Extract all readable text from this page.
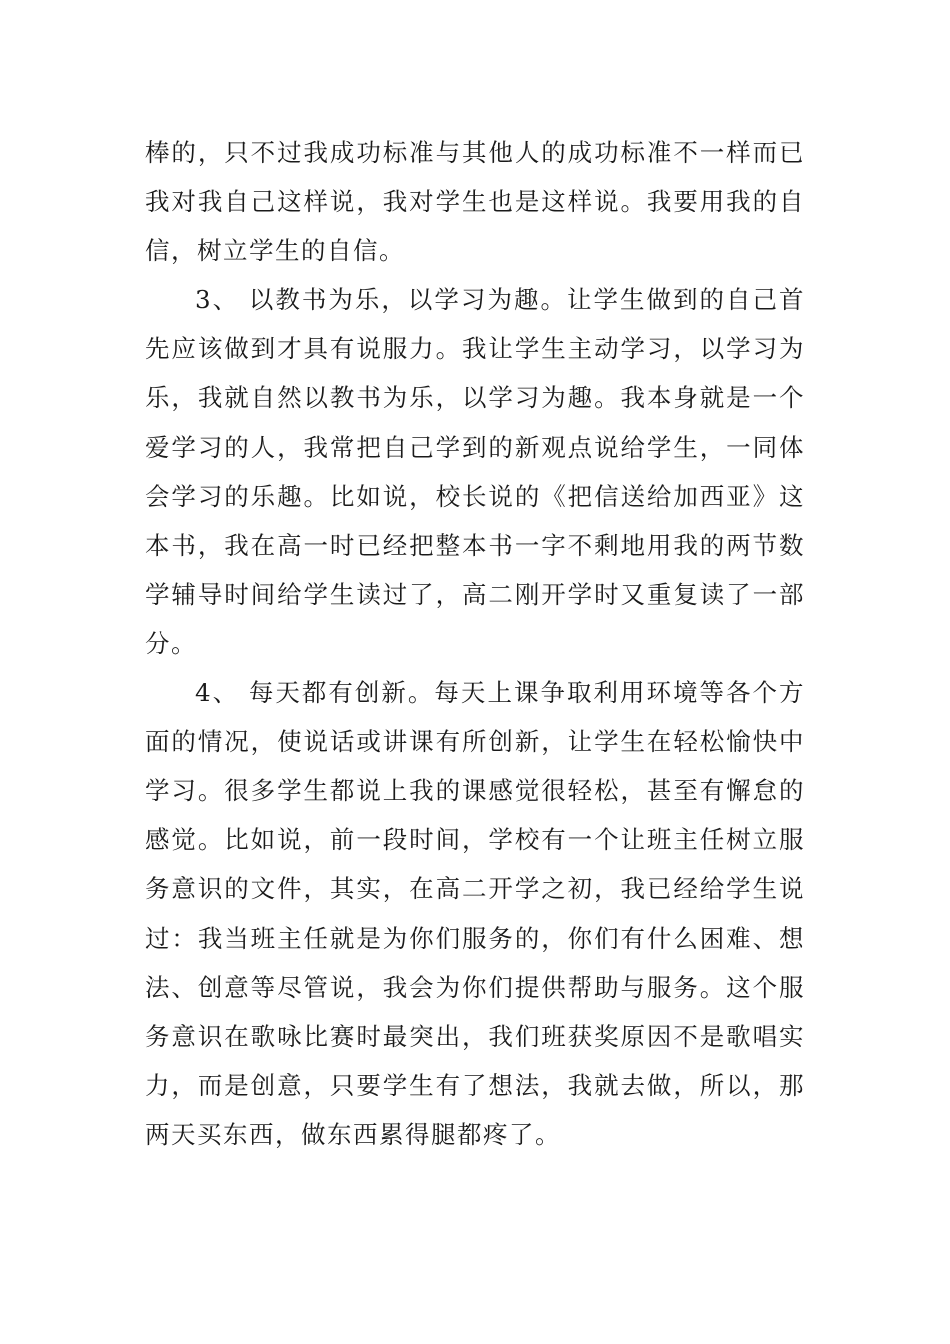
棒的，只不过我成功标准与其他人的成功标准不一样而已
我对我自己这样说，我对学生也是这样说。我要用我的自
信，树立学生的自信。
3、 以教书为乐，以学习为趣。让学生做到的自己首
先应该做到才具有说服力。我让学生主动学习，以学习为
乐，我就自然以教书为乐，以学习为趣。我本身就是一个
爱学习的人，我常把自己学到的新观点说给学生，一同体
会学习的乐趣。比如说，校长说的《把信送给加西亚》这
本书，我在高一时已经把整本书一字不剩地用我的两节数
学辅导时间给学生读过了，高二刚开学时又重复读了一部
分。
4、 每天都有创新。每天上课争取利用环境等各个方
面的情况，使说话或讲课有所创新，让学生在轻松愉快中
学习。很多学生都说上我的课感觉很轻松，甚至有懈怠的
感觉。比如说，前一段时间，学校有一个让班主任树立服
务意识的文件，其实，在高二开学之初，我已经给学生说
过：我当班主任就是为你们服务的，你们有什么困难、想
法、创意等尽管说，我会为你们提供帮助与服务。这个服
务意识在歌咏比赛时最突出，我们班获奖原因不是歌唱实
力，而是创意，只要学生有了想法，我就去做，所以，那
两天买东西，做东西累得腿都疼了。
